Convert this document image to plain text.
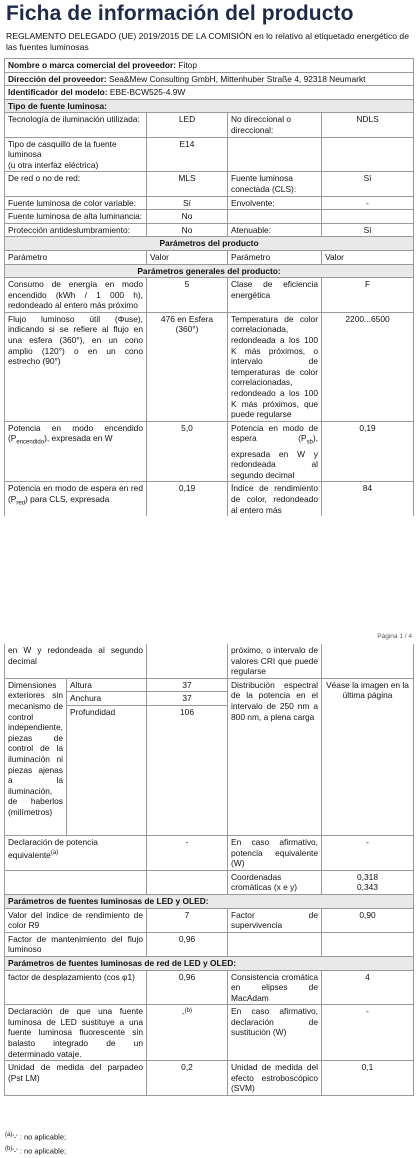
Ficha de información del producto
REGLAMENTO DELEGADO (UE) 2019/2015 DE LA COMISIÓN en lo relativo al etiquetado energético de las fuentes luminosas
Nombre o marca comercial del proveedor: Fitop			
Dirección del proveedor: Sea&Mew Consulting GmbH, Mittenhuber Straße 4, 92318 Neumarkt			
Identificador del modelo: EBE-BCW525-4.9W			
Tipo de fuente luminosa:			
Tecnología de iluminación utilizada:	LED	No direccional o direccional:	NDLS

Tipo de casquillo de la fuente luminosa
(u otra interfaz eléctrica)	E14		
De red o no de red:	MLS	Fuente luminosa conectada (CLS):	Sí
Fuente luminosa de color variable:	Sí	Envolvente:	-
Fuente luminosa de alta luminancia:	No		
Protección antideslumbramiento:	No	Atenuable:	Sí
Parámetros del producto			
Parámetro	Valor	Parámetro	Valor
Parámetros generales del producto:			
Consumo de energía en modo encendido (kWh / 1 000 h), redondeado al entero más próximo	5	Clase de eficiencia energética	F
Flujo luminoso útil (Φuse), indicando si se refiere al flujo en una esfera (360°), en un cono amplio (120°) o en un cono estrecho (90°)	476 en Esfera (360°)	Temperatura de color correlacionada, redondeada a los 100 K más próximos, o intervalo de temperaturas de color correlacionadas, redondeado a los 100 K más próximos, que puede regularse	2200...6500
Potencia en modo encendido $(P_{encendido})$, expresada en W	5,0	Potencia en modo de espera $(P_{sb})$, expresada en W y redondeada al segundo decimal	0,19
Potencia en modo de espera en red $(P_{red})$ para CLS, expresada	0,19	Índice de rendimiento de color, redondeado al entero más	84
Página 1 / 4
en W y redondeada al segundo decimal			próximo, o intervalo de valores CRI que puede regularse	
Dimensiones exteriores sin mecanismo de control independiente, piezas de control de la iluminación ni piezas ajenas a la iluminación, de haberlos (milímetros)	Altura	37	Distribución espectral de la potencia en el intervalo de 250 nm a 800 nm, a plena carga	Véase la imagen en la última página
	Anchura	37		
	Profundidad	106		
Declaración de potencia equivalente$^{(a)}$		-	En caso afirmativo, potencia equivalente (W)	-
			Coordenadas cromáticas (x e y)	0,318
0,343

Parámetros de fuentes luminosas de LED y OLED:				
Valor del índice de rendimiento de color R9		7	Factor de supervivencia	0,90
Factor de mantenimiento del flujo luminoso		0,96		
Parámetros de fuentes luminosas de red de LED y OLED:				
factor de desplazamiento (cos φ1)		0,96	Consistencia cromática en elipses de MacAdam	4
Declaración de que una fuente luminosa de LED sustituye a una fuente luminosa fluorescente sin balasto integrado de un determinado vataje.		-$^{(b)}$	En caso afirmativo, declaración de sustitución (W)	-
Unidad de medida del parpadeo (Pst LM)		0,2	Unidad de medida del efecto estroboscópico (SVM)	0,1
$^{(a)}$'-' : no aplicable;
$^{(b)}$'-' : no aplicable;
